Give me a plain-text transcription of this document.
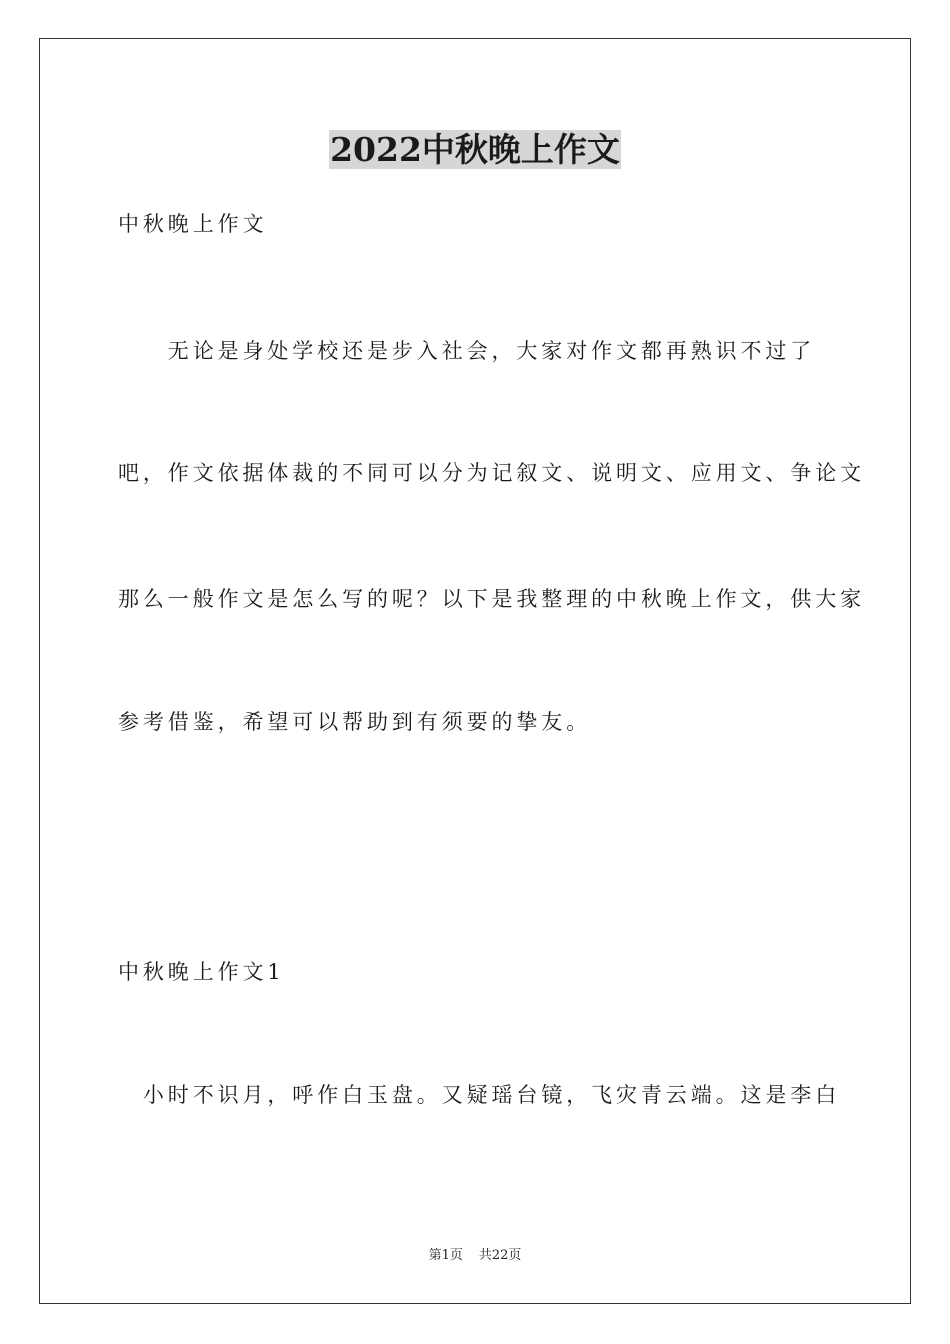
2022中秋晚上作文

中秋晚上作文

　　无论是身处学校还是步入社会，大家对作文都再熟识不过了

吧，作文依据体裁的不同可以分为记叙文、说明文、应用文、争论文

那么一般作文是怎么写的呢？以下是我整理的中秋晚上作文，供大家

参考借鉴，希望可以帮助到有须要的挚友。

中秋晚上作文1

　小时不识月，呼作白玉盘。又疑瑶台镜，飞灾青云端。这是李白

第1页 共22页
